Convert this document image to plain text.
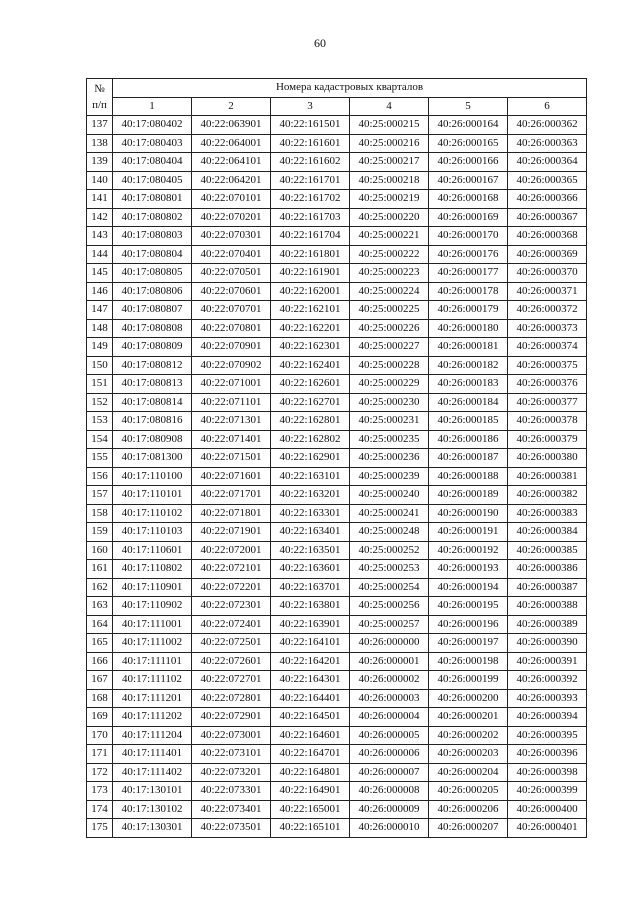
60
№
п/п	Номера кадастровых кварталов					
	1	2	3	4	5	6
137	40:17:080402	40:22:063901	40:22:161501	40:25:000215	40:26:000164	40:26:000362
138	40:17:080403	40:22:064001	40:22:161601	40:25:000216	40:26:000165	40:26:000363
139	40:17:080404	40:22:064101	40:22:161602	40:25:000217	40:26:000166	40:26:000364
140	40:17:080405	40:22:064201	40:22:161701	40:25:000218	40:26:000167	40:26:000365
141	40:17:080801	40:22:070101	40:22:161702	40:25:000219	40:26:000168	40:26:000366
142	40:17:080802	40:22:070201	40:22:161703	40:25:000220	40:26:000169	40:26:000367
143	40:17:080803	40:22:070301	40:22:161704	40:25:000221	40:26:000170	40:26:000368
144	40:17:080804	40:22:070401	40:22:161801	40:25:000222	40:26:000176	40:26:000369
145	40:17:080805	40:22:070501	40:22:161901	40:25:000223	40:26:000177	40:26:000370
146	40:17:080806	40:22:070601	40:22:162001	40:25:000224	40:26:000178	40:26:000371
147	40:17:080807	40:22:070701	40:22:162101	40:25:000225	40:26:000179	40:26:000372
148	40:17:080808	40:22:070801	40:22:162201	40:25:000226	40:26:000180	40:26:000373
149	40:17:080809	40:22:070901	40:22:162301	40:25:000227	40:26:000181	40:26:000374
150	40:17:080812	40:22:070902	40:22:162401	40:25:000228	40:26:000182	40:26:000375
151	40:17:080813	40:22:071001	40:22:162601	40:25:000229	40:26:000183	40:26:000376
152	40:17:080814	40:22:071101	40:22:162701	40:25:000230	40:26:000184	40:26:000377
153	40:17:080816	40:22:071301	40:22:162801	40:25:000231	40:26:000185	40:26:000378
154	40:17:080908	40:22:071401	40:22:162802	40:25:000235	40:26:000186	40:26:000379
155	40:17:081300	40:22:071501	40:22:162901	40:25:000236	40:26:000187	40:26:000380
156	40:17:110100	40:22:071601	40:22:163101	40:25:000239	40:26:000188	40:26:000381
157	40:17:110101	40:22:071701	40:22:163201	40:25:000240	40:26:000189	40:26:000382
158	40:17:110102	40:22:071801	40:22:163301	40:25:000241	40:26:000190	40:26:000383
159	40:17:110103	40:22:071901	40:22:163401	40:25:000248	40:26:000191	40:26:000384
160	40:17:110601	40:22:072001	40:22:163501	40:25:000252	40:26:000192	40:26:000385
161	40:17:110802	40:22:072101	40:22:163601	40:25:000253	40:26:000193	40:26:000386
162	40:17:110901	40:22:072201	40:22:163701	40:25:000254	40:26:000194	40:26:000387
163	40:17:110902	40:22:072301	40:22:163801	40:25:000256	40:26:000195	40:26:000388
164	40:17:111001	40:22:072401	40:22:163901	40:25:000257	40:26:000196	40:26:000389
165	40:17:111002	40:22:072501	40:22:164101	40:26:000000	40:26:000197	40:26:000390
166	40:17:111101	40:22:072601	40:22:164201	40:26:000001	40:26:000198	40:26:000391
167	40:17:111102	40:22:072701	40:22:164301	40:26:000002	40:26:000199	40:26:000392
168	40:17:111201	40:22:072801	40:22:164401	40:26:000003	40:26:000200	40:26:000393
169	40:17:111202	40:22:072901	40:22:164501	40:26:000004	40:26:000201	40:26:000394
170	40:17:111204	40:22:073001	40:22:164601	40:26:000005	40:26:000202	40:26:000395
171	40:17:111401	40:22:073101	40:22:164701	40:26:000006	40:26:000203	40:26:000396
172	40:17:111402	40:22:073201	40:22:164801	40:26:000007	40:26:000204	40:26:000398
173	40:17:130101	40:22:073301	40:22:164901	40:26:000008	40:26:000205	40:26:000399
174	40:17:130102	40:22:073401	40:22:165001	40:26:000009	40:26:000206	40:26:000400
175	40:17:130301	40:22:073501	40:22:165101	40:26:000010	40:26:000207	40:26:000401
